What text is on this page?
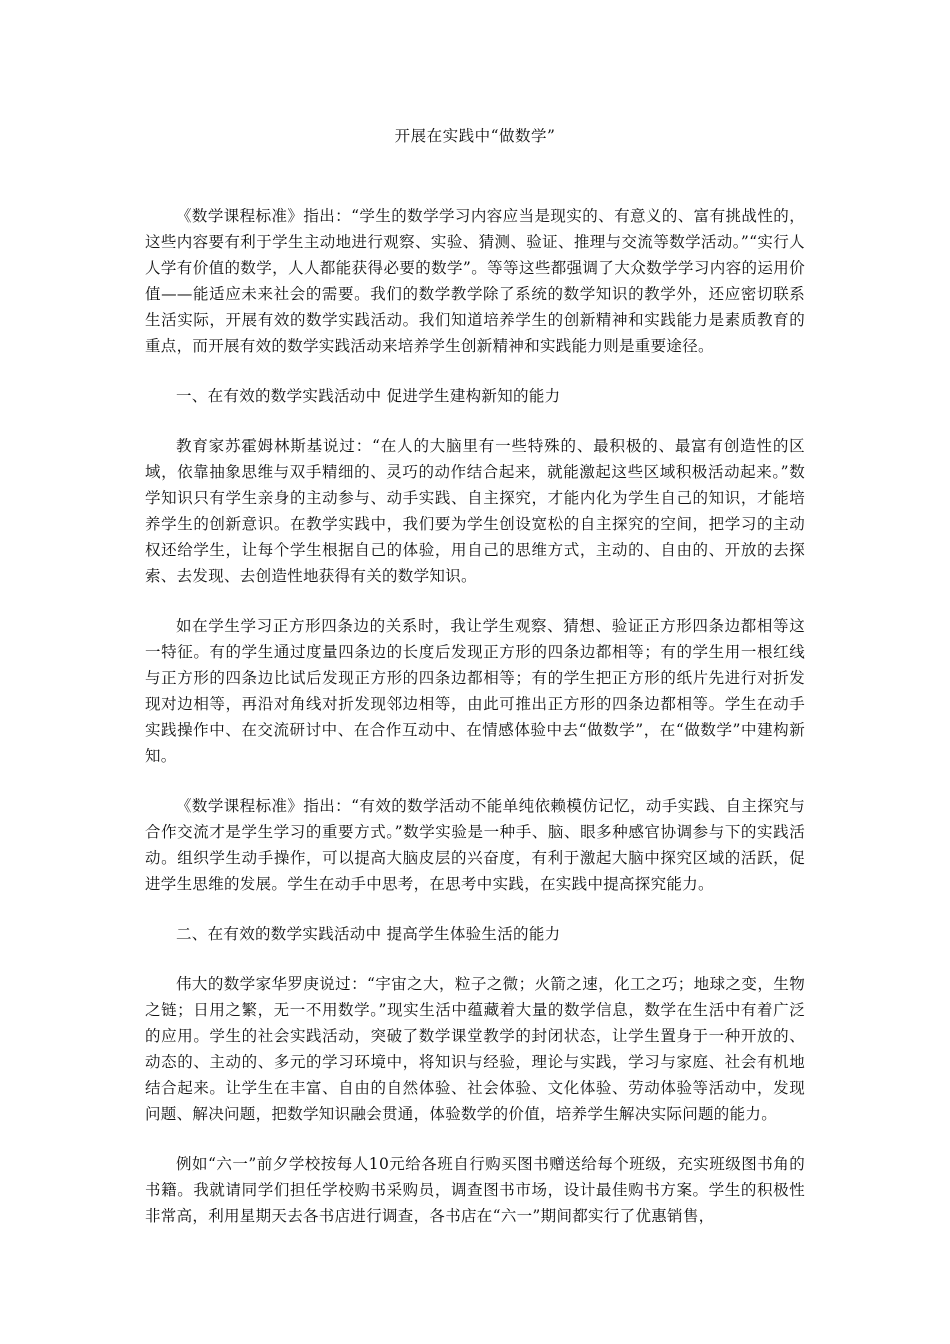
开展在实践中“做数学”

《数学课程标准》指出：“学生的数学学习内容应当是现实的、有意义的、富有挑战性的，这些内容要有利于学生主动地进行观察、实验、猜测、验证、推理与交流等数学活动。”“实行人人学有价值的数学，人人都能获得必要的数学”。等等这些都强调了大众数学学习内容的运用价值——能适应未来社会的需要。我们的数学教学除了系统的数学知识的教学外，还应密切联系生活实际，开展有效的数学实践活动。我们知道培养学生的创新精神和实践能力是素质教育的重点，而开展有效的数学实践活动来培养学生创新精神和实践能力则是重要途径。

一、在有效的数学实践活动中 促进学生建构新知的能力

教育家苏霍姆林斯基说过：“在人的大脑里有一些特殊的、最积极的、最富有创造性的区域，依靠抽象思维与双手精细的、灵巧的动作结合起来，就能激起这些区域积极活动起来。”数学知识只有学生亲身的主动参与、动手实践、自主探究，才能内化为学生自己的知识，才能培养学生的创新意识。在教学实践中，我们要为学生创设宽松的自主探究的空间，把学习的主动权还给学生，让每个学生根据自己的体验，用自己的思维方式，主动的、自由的、开放的去探索、去发现、去创造性地获得有关的数学知识。

如在学生学习正方形四条边的关系时，我让学生观察、猜想、验证正方形四条边都相等这一特征。有的学生通过度量四条边的长度后发现正方形的四条边都相等；有的学生用一根红线与正方形的四条边比试后发现正方形的四条边都相等；有的学生把正方形的纸片先进行对折发现对边相等，再沿对角线对折发现邻边相等，由此可推出正方形的四条边都相等。学生在动手实践操作中、在交流研讨中、在合作互动中、在情感体验中去“做数学”，在“做数学”中建构新知。

《数学课程标准》指出：“有效的数学活动不能单纯依赖模仿记忆，动手实践、自主探究与合作交流才是学生学习的重要方式。”数学实验是一种手、脑、眼多种感官协调参与下的实践活动。组织学生动手操作，可以提高大脑皮层的兴奋度，有利于激起大脑中探究区域的活跃，促进学生思维的发展。学生在动手中思考，在思考中实践，在实践中提高探究能力。

二、在有效的数学实践活动中 提高学生体验生活的能力

伟大的数学家华罗庚说过：“宇宙之大，粒子之微；火箭之速，化工之巧；地球之变，生物之链；日用之繁，无一不用数学。”现实生活中蕴藏着大量的数学信息，数学在生活中有着广泛的应用。学生的社会实践活动，突破了数学课堂教学的封闭状态，让学生置身于一种开放的、动态的、主动的、多元的学习环境中，将知识与经验，理论与实践，学习与家庭、社会有机地结合起来。让学生在丰富、自由的自然体验、社会体验、文化体验、劳动体验等活动中，发现问题、解决问题，把数学知识融会贯通，体验数学的价值，培养学生解决实际问题的能力。

例如“六一”前夕学校按每人10元给各班自行购买图书赠送给每个班级，充实班级图书角的书籍。我就请同学们担任学校购书采购员，调查图书市场，设计最佳购书方案。学生的积极性非常高，利用星期天去各书店进行调查，各书店在“六一”期间都实行了优惠销售，
